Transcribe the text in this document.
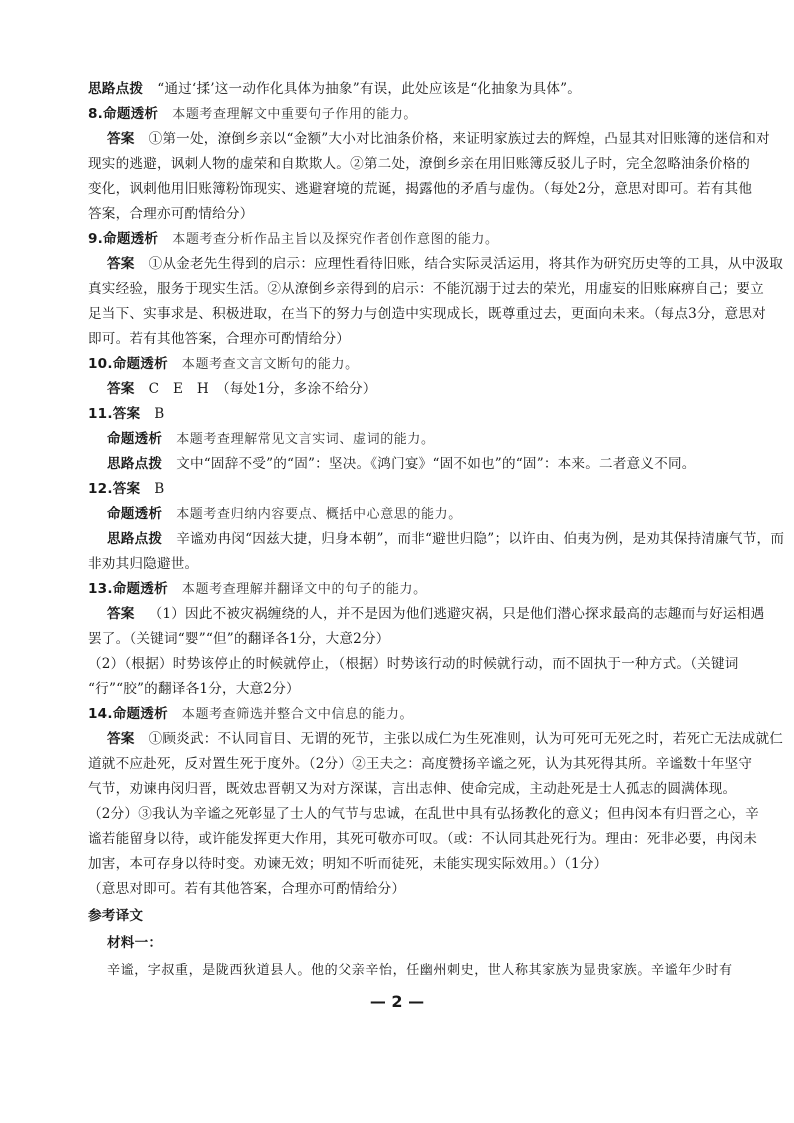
思路点拨 “通过‘揉’这一动作化具体为抽象”有误，此处应该是“化抽象为具体”。
8.命题透析 本题考查理解文中重要句子作用的能力。
答案 ①第一处，潦倒乡亲以“金额”大小对比油条价格，来证明家族过去的辉煌，凸显其对旧账簿的迷信和对
现实的逃避，讽刺人物的虚荣和自欺欺人。②第二处，潦倒乡亲在用旧账簿反驳儿子时，完全忽略油条价格的
变化，讽刺他用旧账簿粉饰现实、逃避窘境的荒诞，揭露他的矛盾与虚伪。（每处2分，意思对即可。若有其他
答案，合理亦可酌情给分）
9.命题透析 本题考查分析作品主旨以及探究作者创作意图的能力。
答案 ①从金老先生得到的启示：应理性看待旧账，结合实际灵活运用，将其作为研究历史等的工具，从中汲取
真实经验，服务于现实生活。②从潦倒乡亲得到的启示：不能沉溺于过去的荣光，用虚妄的旧账麻痹自己；要立
足当下、实事求是、积极进取，在当下的努力与创造中实现成长，既尊重过去，更面向未来。（每点3分，意思对
即可。若有其他答案，合理亦可酌情给分）
10.命题透析 本题考查文言文断句的能力。
答案 C　E　H　（每处1分，多涂不给分）
11.答案 B
命题透析 本题考查理解常见文言实词、虚词的能力。
思路点拨 文中“固辞不受”的“固”：坚决。《鸿门宴》“固不如也”的“固”：本来。二者意义不同。
12.答案 B
命题透析 本题考查归纳内容要点、概括中心意思的能力。
思路点拨 辛谧劝冉闵“因兹大捷，归身本朝”，而非“避世归隐”；以许由、伯夷为例，是劝其保持清廉气节，而
非劝其归隐避世。
13.命题透析 本题考查理解并翻译文中的句子的能力。
答案 （1）因此不被灾祸缠绕的人，并不是因为他们逃避灾祸，只是他们潜心探求最高的志趣而与好运相遇
罢了。（关键词“婴”“但”的翻译各1分，大意2分）
（2）（根据）时势该停止的时候就停止，（根据）时势该行动的时候就行动，而不固执于一种方式。（关键词
“行”“胶”的翻译各1分，大意2分）
14.命题透析 本题考查筛选并整合文中信息的能力。
答案 ①顾炎武：不认同盲目、无谓的死节，主张以成仁为生死准则，认为可死可无死之时，若死亡无法成就仁
道就不应赴死，反对置生死于度外。（2分）②王夫之：高度赞扬辛谧之死，认为其死得其所。辛谧数十年坚守
气节，劝谏冉闵归晋，既效忠晋朝又为对方深谋，言出志伸、使命完成，主动赴死是士人孤志的圆满体现。
（2分）③我认为辛谧之死彰显了士人的气节与忠诚，在乱世中具有弘扬教化的意义；但冉闵本有归晋之心，辛
谧若能留身以待，或许能发挥更大作用，其死可敬亦可叹。（或：不认同其赴死行为。理由：死非必要，冉闵未
加害，本可存身以待时变。劝谏无效；明知不听而徒死，未能实现实际效用。）（1分）
（意思对即可。若有其他答案，合理亦可酌情给分）
参考译文
材料一：
辛谧，字叔重，是陇西狄道县人。他的父亲辛怡，任幽州刺史，世人称其家族为显贵家族。辛谧年少时有
— 2 —
